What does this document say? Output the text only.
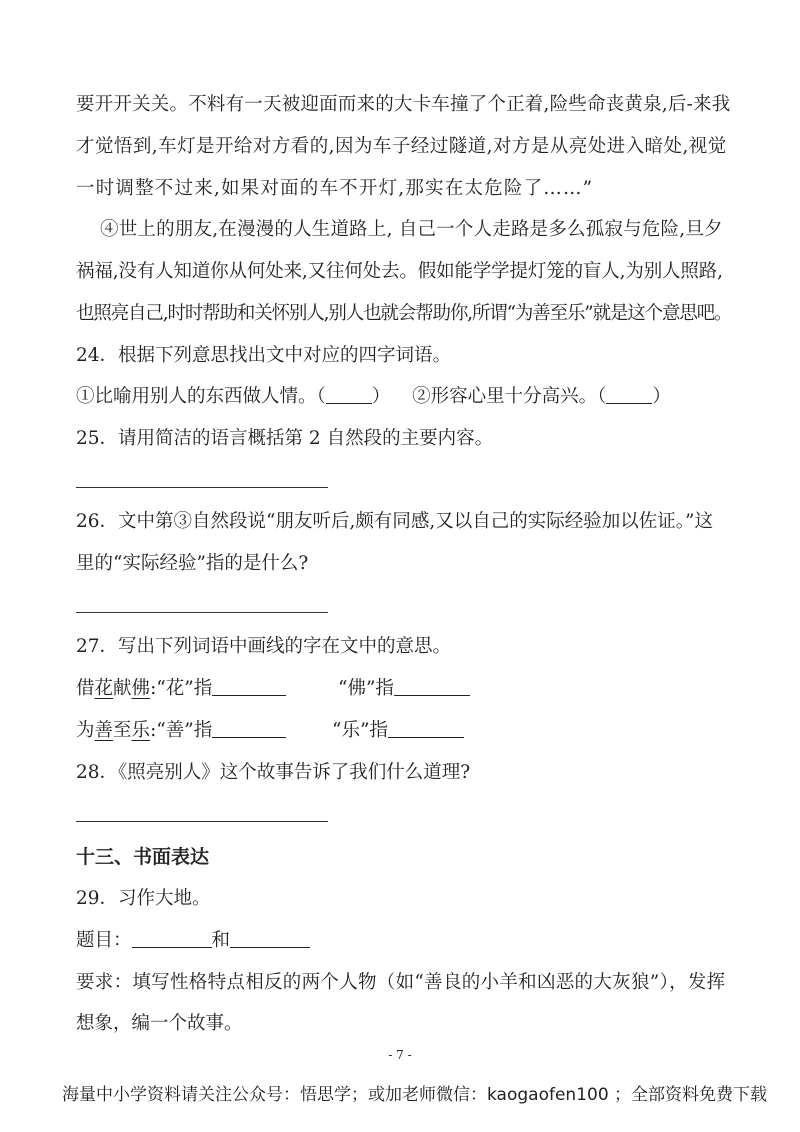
要开开关关。不料有一天被迎面而来的大卡车撞了个正着,险些命丧黄泉,后-来我
才觉悟到,车灯是开给对方看的,因为车子经过隧道,对方是从亮处进入暗处,视觉
一时调整不过来,如果对面的车不开灯,那实在太危险了……”
④世上的朋友,在漫漫的人生道路上, 自己一个人走路是多么孤寂与危险,旦夕
祸福,没有人知道你从何处来,又往何处去。假如能学学提灯笼的盲人,为别人照路,
也照亮自己,时时帮助和关怀别人,别人也就会帮助你,所谓“为善至乐”就是这个意思吧。
24．根据下列意思找出文中对应的四字词语。
①比喻用别人的东西做人情。（ ） ②形容心里十分高兴。（ ）
25．请用简洁的语言概括第 2 自然段的主要内容。
26．文中第③自然段说“朋友听后,颇有同感,又以自己的实际经验加以佐证。”这
里的“实际经验”指的是什么?
27．写出下列词语中画线的字在文中的意思。
借花献佛:“花”指	“佛”指
为善至乐:“善”指	“乐”指
28．《照亮别人》这个故事告诉了我们什么道理?
十三、书面表达
29．习作大地。
题目：	和
要求：填写性格特点相反的两个人物（如“善良的小羊和凶恶的大灰狼”），发挥
想象，编一个故事。
- 7 -
海量中小学资料请关注公众号：悟思学； 或加老师微信：kaogaofen100 ；全部资料免费下载
